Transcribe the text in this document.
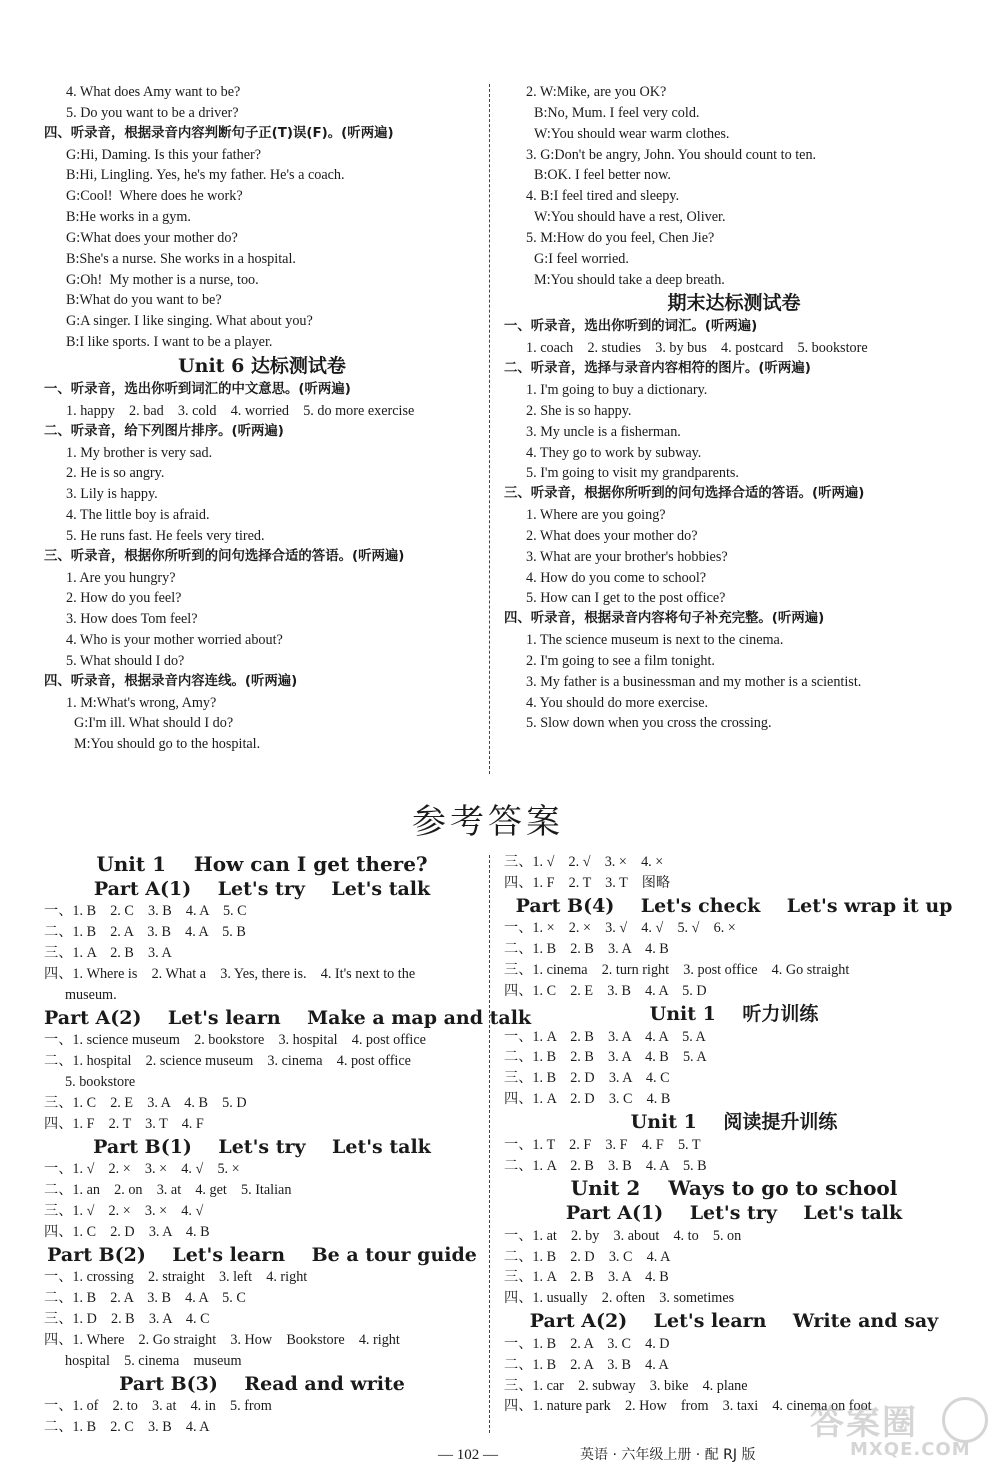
4. What does Amy want to be?
5. Do you want to be a driver?
四、听录音，根据录音内容判断句子正(T)误(F)。(听两遍)
G:Hi, Daming. Is this your father?
B:Hi, Lingling. Yes, he's my father. He's a coach.
G:Cool!  Where does he work?
B:He works in a gym.
G:What does your mother do?
B:She's a nurse. She works in a hospital.
G:Oh!  My mother is a nurse, too.
B:What do you want to be?
G:A singer. I like singing. What about you?
B:I like sports. I want to be a player.
Unit 6 达标测试卷
一、听录音，选出你听到词汇的中文意思。(听两遍)
1. happy    2. bad    3. cold    4. worried    5. do more exercise
二、听录音，给下列图片排序。(听两遍)
1. My brother is very sad.
2. He is so angry.
3. Lily is happy.
4. The little boy is afraid.
5. He runs fast. He feels very tired.
三、听录音，根据你所听到的问句选择合适的答语。(听两遍)
1. Are you hungry?
2. How do you feel?
3. How does Tom feel?
4. Who is your mother worried about?
5. What should I do?
四、听录音，根据录音内容连线。(听两遍)
1. M:What's wrong, Amy?
G:I'm ill. What should I do?
M:You should go to the hospital.
2. W:Mike, are you OK?
B:No, Mum. I feel very cold.
W:You should wear warm clothes.
3. G:Don't be angry, John. You should count to ten.
B:OK. I feel better now.
4. B:I feel tired and sleepy.
W:You should have a rest, Oliver.
5. M:How do you feel, Chen Jie?
G:I feel worried.
M:You should take a deep breath.
期末达标测试卷
一、听录音，选出你听到的词汇。(听两遍)
1. coach    2. studies    3. by bus    4. postcard    5. bookstore
二、听录音，选择与录音内容相符的图片。(听两遍)
1. I'm going to buy a dictionary.
2. She is so happy.
3. My uncle is a fisherman.
4. They go to work by subway.
5. I'm going to visit my grandparents.
三、听录音，根据你所听到的问句选择合适的答语。(听两遍)
1. Where are you going?
2. What does your mother do?
3. What are your brother's hobbies?
4. How do you come to school?
5. How can I get to the post office?
四、听录音，根据录音内容将句子补充完整。(听两遍)
1. The science museum is next to the cinema.
2. I'm going to see a film tonight.
3. My father is a businessman and my mother is a scientist.
4. You should do more exercise.
5. Slow down when you cross the crossing.
参考答案
Unit 1    How can I get there?
Part A(1)    Let's try    Let's talk
一、1. B    2. C    3. B    4. A    5. C
二、1. B    2. A    3. B    4. A    5. B
三、1. A    2. B    3. A
四、1. Where is    2. What a    3. Yes, there is.    4. It's next to the
museum.
Part A(2)    Let's learn    Make a map and talk
一、1. science museum    2. bookstore    3. hospital    4. post office
二、1. hospital    2. science museum    3. cinema    4. post office
5. bookstore
三、1. C    2. E    3. A    4. B    5. D
四、1. F    2. T    3. T    4. F
Part B(1)    Let's try    Let's talk
一、1. √    2. ×    3. ×    4. √    5. ×
二、1. an    2. on    3. at    4. get    5. Italian
三、1. √    2. ×    3. ×    4. √
四、1. C    2. D    3. A    4. B
Part B(2)    Let's learn    Be a tour guide
一、1. crossing    2. straight    3. left    4. right
二、1. B    2. A    3. B    4. A    5. C
三、1. D    2. B    3. A    4. C
四、1. Where    2. Go straight    3. How    Bookstore    4. right
hospital    5. cinema    museum
Part B(3)    Read and write
一、1. of    2. to    3. at    4. in    5. from
二、1. B    2. C    3. B    4. A
三、1. √    2. √    3. ×    4. ×
四、1. F    2. T    3. T    图略
Part B(4)    Let's check    Let's wrap it up
一、1. ×    2. ×    3. √    4. √    5. √    6. ×
二、1. B    2. B    3. A    4. B
三、1. cinema    2. turn right    3. post office    4. Go straight
四、1. C    2. E    3. B    4. A    5. D
Unit 1    听力训练
一、1. A    2. B    3. A    4. A    5. A
二、1. B    2. B    3. A    4. B    5. A
三、1. B    2. D    3. A    4. C
四、1. A    2. D    3. C    4. B
Unit 1    阅读提升训练
一、1. T    2. F    3. F    4. F    5. T
二、1. A    2. B    3. B    4. A    5. B
Unit 2    Ways to go to school
Part A(1)    Let's try    Let's talk
一、1. at    2. by    3. about    4. to    5. on
二、1. B    2. D    3. C    4. A
三、1. A    2. B    3. A    4. B
四、1. usually    2. often    3. sometimes
Part A(2)    Let's learn    Write and say
一、1. B    2. A    3. C    4. D
二、1. B    2. A    3. B    4. A
三、1. car    2. subway    3. bike    4. plane
四、1. nature park    2. How    from    3. taxi    4. cinema on foot
— 102 —	英语 · 六年级上册 · 配 RJ 版
答案圈
MXQE.COM
